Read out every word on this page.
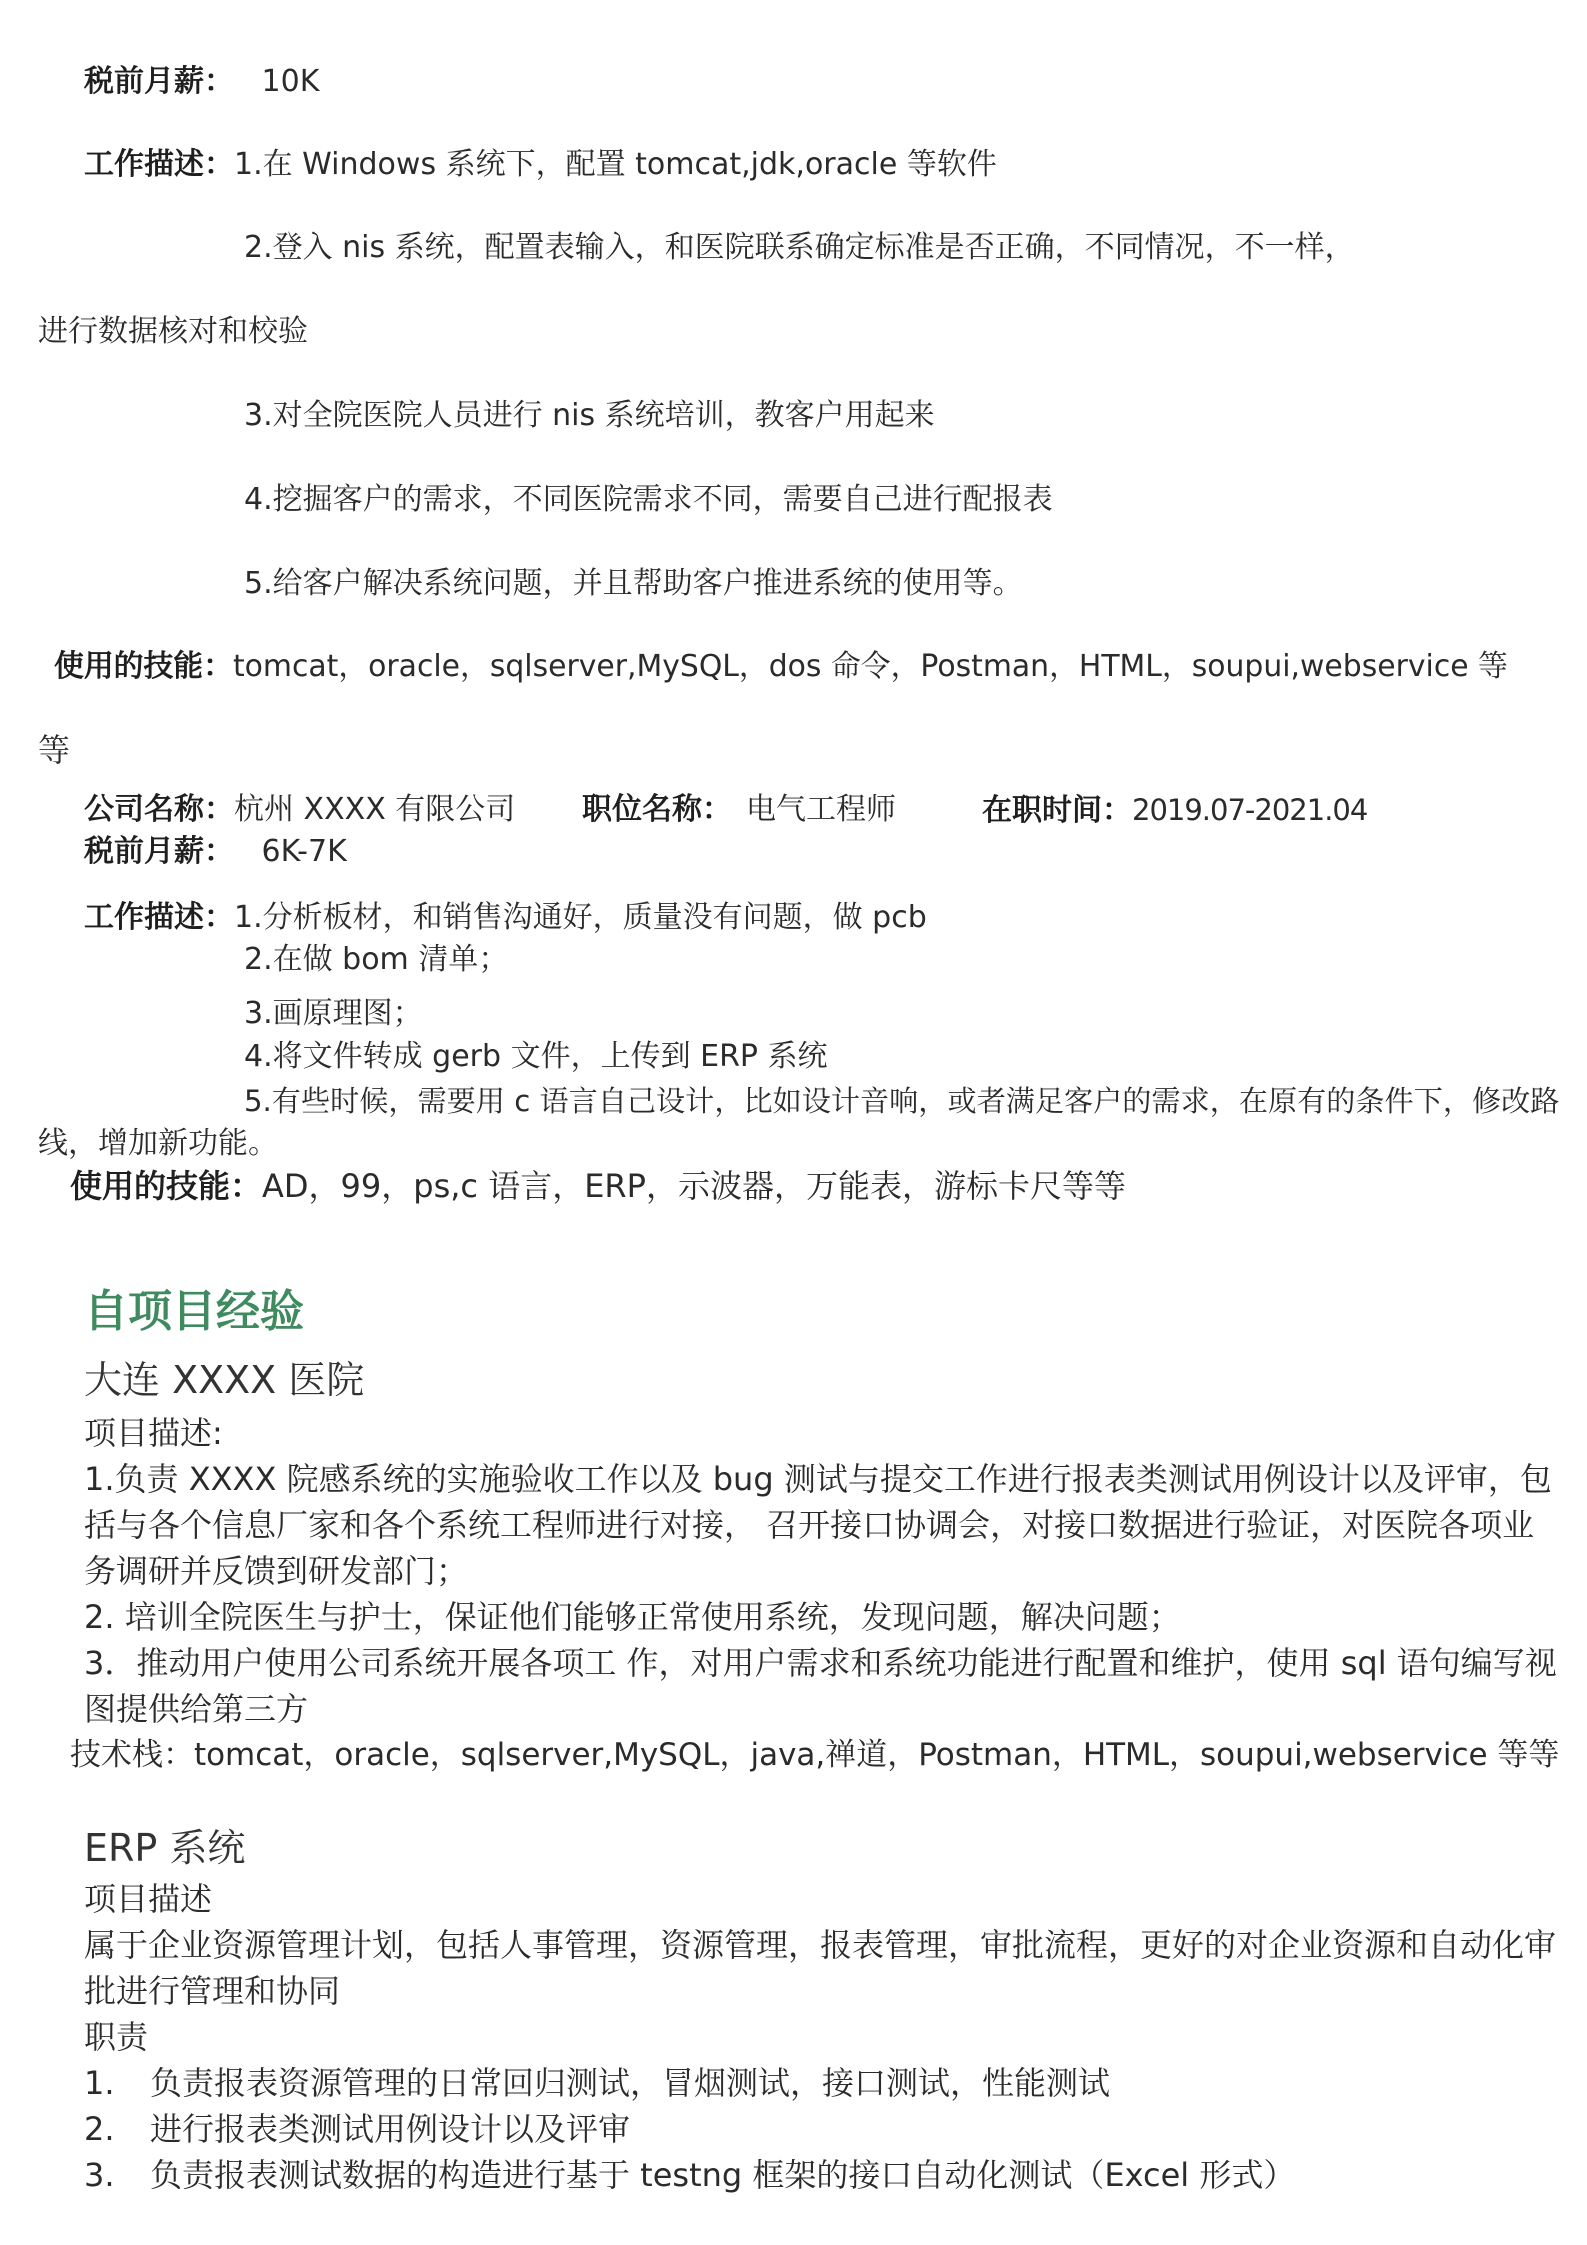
税前月薪： 10K
工作描述：1.在 Windows 系统下，配置 tomcat,jdk,oracle 等软件
2.登入 nis 系统，配置表输入，和医院联系确定标准是否正确，不同情况，不一样，
进行数据核对和校验
3.对全院医院人员进行 nis 系统培训，教客户用起来
4.挖掘客户的需求，不同医院需求不同，需要自己进行配报表
5.给客户解决系统问题，并且帮助客户推进系统的使用等。
使用的技能：tomcat，oracle，sqlserver,MySQL，dos 命令，Postman，HTML，soupui,webservice 等
等
公司名称：杭州 XXXX 有限公司 职位名称： 电气工程师	在职时间：2019.07-2021.04
税前月薪： 6K-7K
工作描述：1.分析板材，和销售沟通好，质量没有问题，做 pcb
2.在做 bom 清单；
3.画原理图；
4.将文件转成 gerb 文件，上传到 ERP 系统
5.有些时候，需要用 c 语言自己设计，比如设计音响，或者满足客户的需求，在原有的条件下，修改路
线，增加新功能。
使用的技能：AD，99，ps,c 语言，ERP，示波器，万能表，游标卡尺等等
自项目经验
大连 XXXX 医院
项目描述:
1.负责 XXXX 院感系统的实施验收工作以及 bug 测试与提交工作进行报表类测试用例设计以及评审，包
括与各个信息厂家和各个系统工程师进行对接， 召开接口协调会，对接口数据进行验证，对医院各项业
务调研并反馈到研发部门；
2. 培训全院医生与护士，保证他们能够正常使用系统，发现问题，解决问题；
3．推动用户使用公司系统开展各项工 作，对用户需求和系统功能进行配置和维护，使用 sql 语句编写视
图提供给第三方
技术栈：tomcat，oracle，sqlserver,MySQL，java,禅道，Postman，HTML，soupui,webservice 等等
ERP 系统
项目描述
属于企业资源管理计划，包括人事管理，资源管理，报表管理，审批流程，更好的对企业资源和自动化审
批进行管理和协同
职责
1. 负责报表资源管理的日常回归测试，冒烟测试，接口测试，性能测试
2. 进行报表类测试用例设计以及评审
3. 负责报表测试数据的构造进行基于 testng 框架的接口自动化测试（Excel 形式）
